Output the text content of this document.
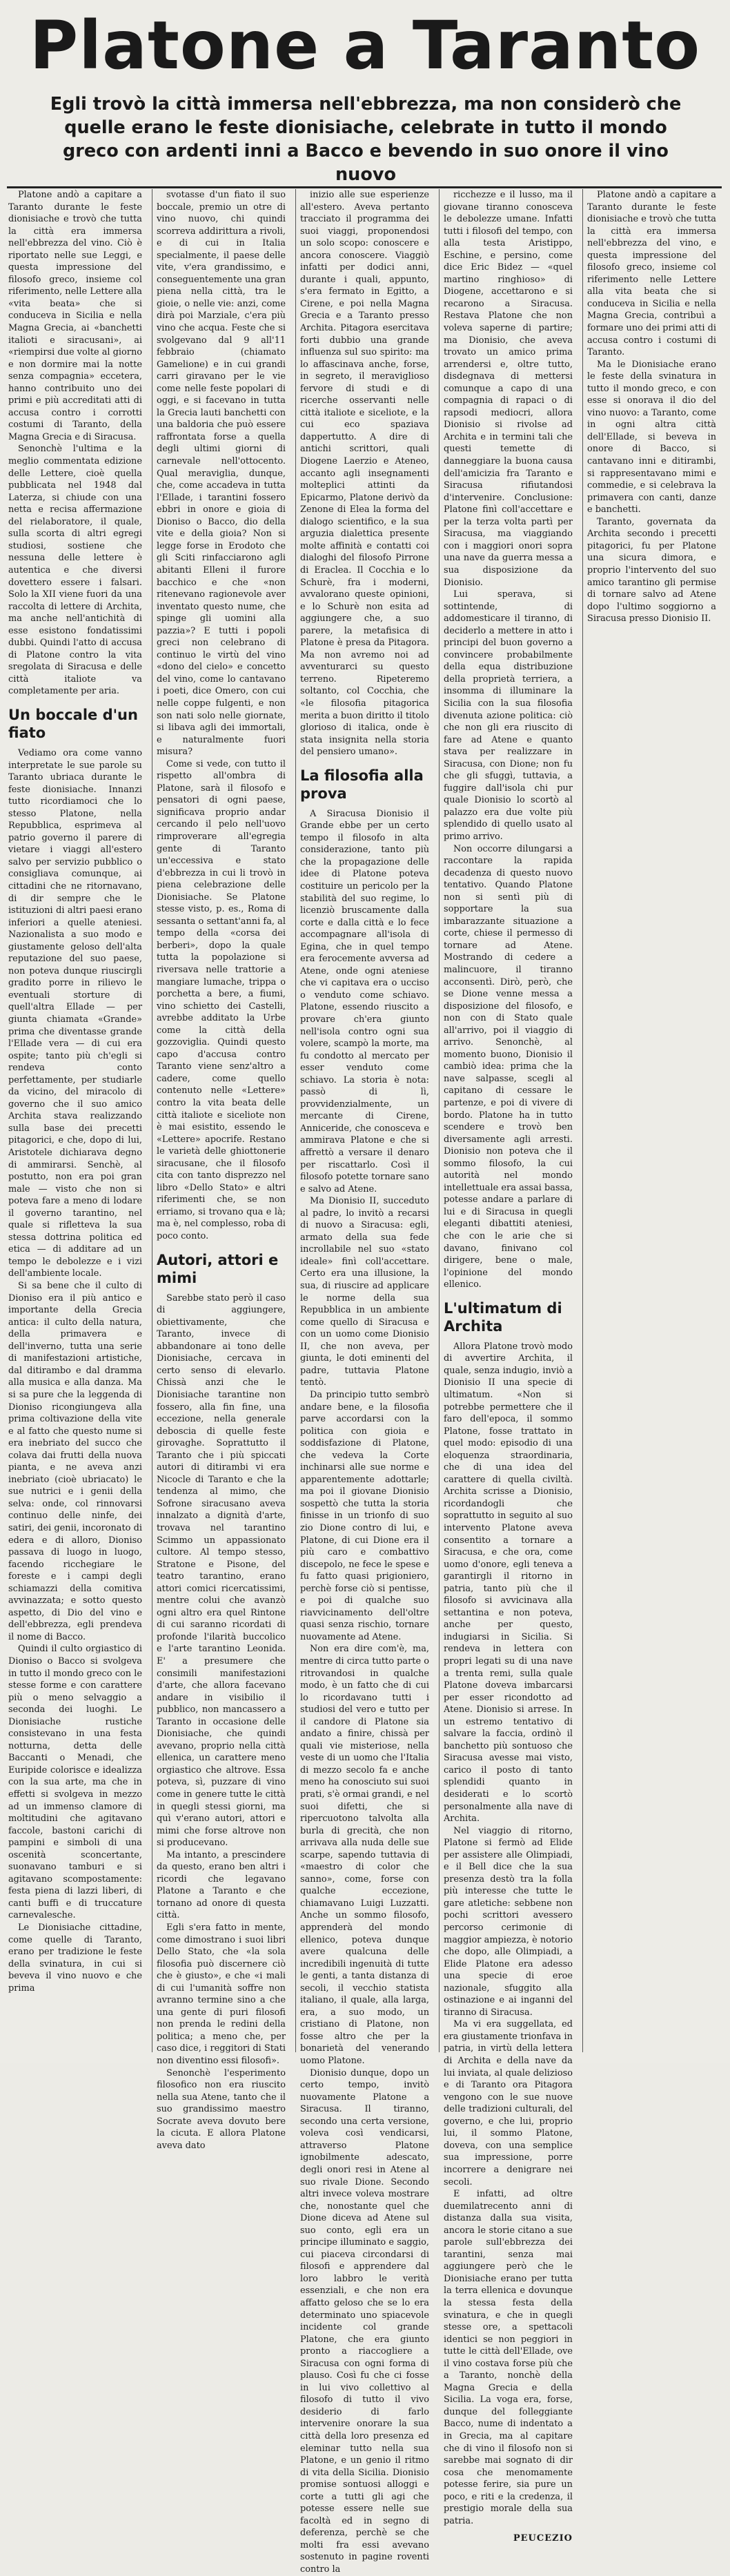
Platone a Taranto
Egli trovò la città immersa nell'ebbrezza, ma non considerò che quelle erano le feste dionisiache, celebrate in tutto il mondo greco con ardenti inni a Bacco e bevendo in suo onore il vino nuovo

Platone andò a capitare a Taranto durante le feste dionisiache e trovò che tutta la città era immersa nell'ebbrezza del vino. Ciò è riportato nelle sue Leggi, e questa impressione del filosofo greco, insieme col riferimento, nelle Lettere alla «vita beata» che si conduceva in Sicilia e nella Magna Grecia, ai «banchetti italioti e siracusani», ai «riempirsi due volte al giorno e non dormire mai la notte senza compagnia» eccetera, hanno contribuito uno dei primi e più accreditati atti di accusa contro i corrotti costumi di Taranto, della Magna Grecia e di Siracusa.

Senonchè l'ultima e la meglio commentata edizione delle Lettere, cioè quella pubblicata nel 1948 dal Laterza, si chiude con una netta e recisa affermazione del rielaboratore, il quale, sulla scorta di altri egregi studiosi, sostiene che nessuna delle lettere è autentica e che diversi dovettero essere i falsari. Solo la XII viene fuori da una raccolta di lettere di Archita, ma anche nell'antichità di esse esistono fondatissimi dubbi. Quindi l'atto di accusa di Platone contro la vita sregolata di Siracusa e delle città italiote va completamente per aria.

Un boccale d'un fiato

Vediamo ora come vanno interpretate le sue parole su Taranto ubriaca durante le feste dionisiache. Innanzi tutto ricordiamoci che lo stesso Platone, nella Repubblica, esprimeva al patrio governo il parere di vietare i viaggi all'estero salvo per servizio pubblico o consigliava comunque, ai cittadini che ne ritornavano, di dir sempre che le istituzioni di altri paesi erano inferiori a quelle ateniesi. Nazionalista a suo modo e giustamente geloso dell'alta reputazione del suo paese, non poteva dunque riuscirgli gradito porre in rilievo le eventuali storture di quell'altra Ellade — per giunta chiamata «Grande» prima che diventasse grande l'Ellade vera — di cui era ospite; tanto più ch'egli si rendeva conto perfettamente, per studiarle da vicino, del miracolo di governo che il suo amico Archita stava realizzando sulla base dei precetti pitagorici, e che, dopo di lui, Aristotele dichiarava degno di ammirarsi. Senchè, al postutto, non era poi gran male — visto che non si poteva fare a meno di lodare il governo tarantino, nel quale si rifletteva la sua stessa dottrina politica ed etica — di additare ad un tempo le debolezze e i vizi dell'ambiente locale.

Si sa bene che il culto di Dioniso era il più antico e importante della Grecia antica: il culto della natura, della primavera e dell'inverno, tutta una serie di manifestazioni artistiche, dal ditirambo e dal dramma alla musica e alla danza. Ma si sa pure che la leggenda di Dioniso ricongiungeva alla prima coltivazione della vite e al fatto che questo nume si era inebriato del succo che colava dai frutti della nuova pianta, e ne aveva anzi inebriato (cioè ubriacato) le sue nutrici e i genii della selva: onde, col rinnovarsi continuo delle ninfe, dei satiri, dei genii, incoronato di edera e di alloro, Dioniso passava di luogo in luogo, facendo ricchegiare le foreste e i campi degli schiamazzi della comitiva avvinazzata; e sotto questo aspetto, di Dio del vino e dell'ebbrezza, egli prendeva il nome di Bacco.

Quindi il culto orgiastico di Dioniso o Bacco si svolgeva in tutto il mondo greco con le stesse forme e con carattere più o meno selvaggio a seconda dei luoghi. Le Dionisiache rustiche consistevano in una festa notturna, detta delle Baccanti o Menadi, che Euripide colorisce e idealizza con la sua arte, ma che in effetti si svolgeva in mezzo ad un immenso clamore di moltitudini che agitavano faccole, bastoni carichi di pampini e simboli di una oscenità sconcertante, suonavano tamburi e si agitavano scompostamente: festa piena di lazzi liberi, di canti buffi e di truccature carnevalesche.

Le Dionisiache cittadine, come quelle di Taranto, erano per tradizione le feste della svinatura, in cui si beveva il vino nuovo e che prima

svotasse d'un fiato il suo boccale, premio un otre di vino nuovo, chi quindi scorreva addirittura a rivoli, e di cui in Italia specialmente, il paese delle vite, v'era grandissimo, e conseguentemente una gran piena nella città, tra le gioie, o nelle vie: anzi, come dirà poi Marziale, c'era più vino che acqua. Feste che si svolgevano dal 9 all'11 febbraio (chiamato Gamelione) e in cui grandi carri giravano per le vie come nelle feste popolari di oggi, e si facevano in tutta la Grecia lauti banchetti con una baldoria che può essere raffrontata forse a quella degli ultimi giorni di carnevale nell'ottocento. Qual meraviglia, dunque, che, come accadeva in tutta l'Ellade, i tarantini fossero ebbri in onore e gioia di Dioniso o Bacco, dio della vite e della gioia? Non si legge forse in Erodoto che gli Sciti rinfacciarono agli abitanti Elleni il furore bacchico e che «non ritenevano ragionevole aver inventato questo nume, che spinge gli uomini alla pazzia»? E tutti i popoli greci non celebrano di continuo le virtù del vino «dono del cielo» e concetto del vino, come lo cantavano i poeti, dice Omero, con cui nelle coppe fulgenti, e non son nati solo nelle giornate, si libava agli dei immortali, e naturalmente fuori misura?

Come si vede, con tutto il rispetto all'ombra di Platone, sarà il filosofo e pensatori di ogni paese, significava proprio andar cercando il pelo nell'uovo rimproverare all'egregia gente di Taranto un'eccessiva e stato d'ebbrezza in cui li trovò in piena celebrazione delle Dionisiache. Se Platone stesse visto, p. es., Roma di sessanta o settant'anni fa, al tempo della «corsa dei berberi», dopo la quale tutta la popolazione si riversava nelle trattorie a mangiare lumache, trippa o porchetta a bere, a fiumi, vino schietto dei Castelli, avrebbe additato la Urbe come la città della gozzoviglia. Quindi questo capo d'accusa contro Taranto viene senz'altro a cadere, come quello contenuto nelle «Lettere» contro la vita beata delle città italiote e siceliote non è mai esistito, essendo le «Lettere» apocrife. Restano le varietà delle ghiottonerie siracusane, che il filosofo cita con tanto disprezzo nel libro «Dello Stato» e altri riferimenti che, se non erriamo, si trovano qua e là; ma è, nel complesso, roba di poco conto.

Autori, attori e mimi

Sarebbe stato però il caso di aggiungere, obiettivamente, che Taranto, invece di abbandonare ai tono delle Dionisiache, cercava in certo senso di elevarlo. Chissà anzi che le Dionisiache tarantine non fossero, alla fin fine, una eccezione, nella generale deboscia di quelle feste girovaghe. Soprattutto il Taranto che i più spiccati autori di ditirambi vi era Nicocle di Taranto e che la tendenza al mimo, che Sofrone siracusano aveva innalzato a dignità d'arte, trovava nel tarantino Scimmo un appassionato cultore. Al tempo stesso, Stratone e Pisone, del teatro tarantino, erano attori comici ricercatissimi, mentre colui che avanzò ogni altro era quel Rintone di cui saranno ricordati di profonde l'ilarità buccolico e l'arte tarantino Leonida. E' a presumere che consimili manifestazioni d'arte, che allora facevano andare in visibilio il pubblico, non mancassero a Taranto in occasione delle Dionisiache, che quindi avevano, proprio nella città ellenica, un carattere meno orgiastico che altrove. Essa poteva, sì, puzzare di vino come in genere tutte le città in quegli stessi giorni, ma quì v'erano autori, attori e mimi che forse altrove non si producevano.

Ma intanto, a prescindere da questo, erano ben altri i ricordi che legavano Platone a Taranto e che tornano ad onore di questa città.

Egli s'era fatto in mente, come dimostrano i suoi libri Dello Stato, che «la sola filosofia può discernere ciò che è giusto», e che «i mali di cui l'umanità soffre non avranno termine sino a che una gente di puri filosofi non prenda le redini della politica; a meno che, per caso dice, i reggitori di Stati non diventino essi filosofi».

Senonchè l'esperimento filosofico non era riuscito nella sua Atene, tanto che il suo grandissimo maestro Socrate aveva dovuto bere la cicuta. E allora Platone aveva dato

inizio alle sue esperienze all'estero. Aveva pertanto tracciato il programma dei suoi viaggi, proponendosi un solo scopo: conoscere e ancora conoscere. Viaggiò infatti per dodici anni, durante i quali, appunto, s'era fermato in Egitto, a Cirene, e poi nella Magna Grecia e a Taranto presso Archita. Pitagora esercitava forti dubbio una grande influenza sul suo spirito: ma lo affascinava anche, forse, in segreto, il meraviglioso fervore di studi e di ricerche osservanti nelle città italiote e siceliote, e la cui eco spaziava dappertutto. A dire di antichi scrittori, quali Diogene Laerzio e Ateneo, accanto agli insegnamenti molteplici attinti da Epicarmo, Platone derivò da Zenone di Elea la forma del dialogo scientifico, e la sua arguzia dialettica presente molte affinità e contatti coi dialoghi del filosofo Pirrone di Eraclea. Il Cocchia e lo Schurè, fra i moderni, avvalorano queste opinioni, e lo Schurè non esita ad aggiungere che, a suo parere, la metafisica di Platone è presa da Pitagora. Ma non avremo noi ad avventurarci su questo terreno. Ripeteremo soltanto, col Cocchia, che «le filosofia pitagorica merita a buon diritto il titolo glorioso di italica, onde è stata insignita nella storia del pensiero umano».

La filosofia alla prova

A Siracusa Dionisio il Grande ebbe per un certo tempo il filosofo in alta considerazione, tanto più che la propagazione delle idee di Platone poteva costituire un pericolo per la stabilità del suo regime, lo licenziò bruscamente dalla corte e dalla città e lo fece accompagnare all'isola di Egina, che in quel tempo era ferocemente avversa ad Atene, onde ogni ateniese che vi capitava era o ucciso o venduto come schiavo. Platone, essendo riuscito a provare ch'era giunto nell'isola contro ogni sua volere, scampò la morte, ma fu condotto al mercato per esser venduto come schiavo. La storia è nota: passò di lì, provvidenzialmente, un mercante di Cirene, Anniceride, che conosceva e ammirava Platone e che si affrettò a versare il denaro per riscattarlo. Così il filosofo potette tornare sano e salvo ad Atene.

Ma Dionisio II, succeduto al padre, lo invitò a recarsi di nuovo a Siracusa: egli, armato della sua fede incrollabile nel suo «stato ideale» finì coll'accettare. Certo era una illusione, la sua, di riuscire ad applicare le norme della sua Repubblica in un ambiente come quello di Siracusa e con un uomo come Dionisio II, che non aveva, per giunta, le doti eminenti del padre, tuttavia Platone tentò.

Da principio tutto sembrò andare bene, e la filosofia parve accordarsi con la politica con gioia e soddisfazione di Platone, che vedeva la Corte inchinarsi alle sue norme e apparentemente adottarle; ma poi il giovane Dionisio sospettò che tutta la storia finisse in un trionfo di suo zio Dione contro di lui, e Platone, di cui Dione era il più caro e combattivo discepolo, ne fece le spese e fu fatto quasi prigioniero, perchè forse ciò si pentisse, e poi di qualche suo riavvicinamento dell'oltre quasi senza rischio, tornare nuovamente ad Atene.

Non era dire com'è, ma, mentre di circa tutto parte o ritrovandosi in qualche modo, è un fatto che di cui lo ricordavano tutti i studiosi del vero e tutto per il candore di Platone sia andato a finire, chissà per quali vie misteriose, nella veste di un uomo che l'Italia di mezzo secolo fa e anche meno ha conosciuto sui suoi prati, s'è ormai grandi, e nel suoi difetti, che si ripercuotono talvolta alla burla di grecità, che non arrivava alla nuda delle sue scarpe, sapendo tuttavia di «maestro di color che sanno», come, forse con qualche eccezione, chiamavano Luigi Luzzatti. Anche un sommo filosofo, apprenderà del mondo ellenico, poteva dunque avere qualcuna delle incredibili ingenuità di tutte le genti, a tanta distanza di secoli, il vecchio statista italiano, il quale, alla larga, era, a suo modo, un cristiano di Platone, non fosse altro che per la bonarietà del venerando uomo Platone.

Dionisio dunque, dopo un certo tempo, invitò nuovamente Platone a Siracusa. Il tiranno, secondo una certa versione, voleva così vendicarsi, attraverso Platone ignobilmente adescato, degli onori resi in Atene al suo rivale Dione. Secondo altri invece voleva mostrare che, nonostante quel che Dione diceva ad Atene sul suo conto, egli era un principe illuminato e saggio, cui piaceva circondarsi di filosofi e apprendere dal loro labbro le verità essenziali, e che non era affatto geloso che se lo era determinato uno spiacevole incidente col grande Platone, che era giunto pronto a riaccogliere a Siracusa con ogni forma di plauso. Così fu che ci fosse in lui vivo collettivo al filosofo di tutto il vivo desiderio di farlo intervenire onorare la sua città della loro presenza ed eleminar tutto nella sua Platone, e un genio il ritmo di vita della Sicilia. Dionisio promise sontuosi alloggi e corte a tutti gli agi che potesse essere nelle sue facoltà ed in segno di deferenza, perchè se che molti fra essi avevano sostenuto in pagine roventi contro la

ricchezze e il lusso, ma il giovane tiranno conosceva le debolezze umane. Infatti tutti i filosofi del tempo, con alla testa Aristippo, Eschine, e persino, come dice Eric Bidez — «quel martino ringhioso» di Diogene, accettarono e si recarono a Siracusa. Restava Platone che non voleva saperne di partire; ma Dionisio, che aveva trovato un amico prima arrendersi e, oltre tutto, disdegnava di mettersi comunque a capo di una compagnia di rapaci o di rapsodi mediocri, allora Dionisio si rivolse ad Archita e in termini tali che questi temette di danneggiare la buona causa dell'amicizia fra Taranto e Siracusa rifiutandosi d'intervenire. Conclusione: Platone finì coll'accettare e per la terza volta partì per Siracusa, ma viaggiando con i maggiori onori sopra una nave da guerra messa a sua disposizione da Dionisio.

Lui sperava, si sottintende, di addomesticare il tiranno, di deciderlo a mettere in atto i principi del buon governo a convincere probabilmente della equa distribuzione della proprietà terriera, a insomma di illuminare la Sicilia con la sua filosofia divenuta azione politica: ciò che non gli era riuscito di fare ad Atene e quanto stava per realizzare in Siracusa, con Dione; non fu che gli sfuggì, tuttavia, a fuggire dall'isola chi pur quale Dionisio lo scortò al palazzo era due volte più splendido di quello usato al primo arrivo.

Non occorre dilungarsi a raccontare la rapida decadenza di questo nuovo tentativo. Quando Platone non si sentì più di sopportare la sua imbarazzante situazione a corte, chiese il permesso di tornare ad Atene. Mostrando di cedere a malincuore, il tiranno acconsentì. Dirò, però, che se Dione venne messa a disposizione del filosofo, e non con di Stato quale all'arrivo, poi il viaggio di arrivo. Senonchè, al momento buono, Dionisio il cambiò idea: prima che la nave salpasse, scegli al capitano di cessare le partenze, e poi di vivere di bordo. Platone ha in tutto scendere e trovò ben diversamente agli arresti. Dionisio non poteva che il sommo filosofo, la cui autorità nel mondo intellettuale era assai bassa, potesse andare a parlare di lui e di Siracusa in quegli eleganti dibattiti ateniesi, che con le arie che si davano, finivano col dirigere, bene o male, l'opinione del mondo ellenico.

L'ultimatum di Archita

Allora Platone trovò modo di avvertire Archita, il quale, senza indugio, inviò a Dionisio II una specie di ultimatum. «Non si potrebbe permettere che il faro dell'epoca, il sommo Platone, fosse trattato in quel modo: episodio di una eloquenza straordinaria, che di una idea del carattere di quella civiltà. Archita scrisse a Dionisio, ricordandogli che soprattutto in seguito al suo intervento Platone aveva consentito a tornare a Siracusa, e che ora, come uomo d'onore, egli teneva a garantirgli il ritorno in patria, tanto più che il filosofo si avvicinava alla settantina e non poteva, anche per questo, indugiarsi in Sicilia. Si rendeva in lettera con propri legati su di una nave a trenta remi, sulla quale Platone doveva imbarcarsi per esser ricondotto ad Atene. Dionisio si arrese. In un estremo tentativo di salvare la faccia, ordinò il banchetto più sontuoso che Siracusa avesse mai visto, carico il posto di tanto splendidi quanto in desiderati e lo scortò personalmente alla nave di Archita.

Nel viaggio di ritorno, Platone si fermò ad Elide per assistere alle Olimpiadi, e il Bell dice che la sua presenza destò tra la folla più interesse che tutte le gare atletiche: sebbene non pochi scrittori avessero percorso cerimonie di maggior ampiezza, è notorio che dopo, alle Olimpiadi, a Elide Platone era adesso una specie di eroe nazionale, sfuggito alla ostinazione e ai inganni del tiranno di Siracusa.

Ma vi era suggellata, ed era giustamente trionfava in patria, in virtù della lettera di Archita e della nave da lui inviata, al quale delizioso e di Taranto ora Pitagora vengono con le sue nuove delle tradizioni culturali, del governo, e che lui, proprio lui, il sommo Platone, doveva, con una semplice sua impressione, porre incorrere a denigrare nei secoli.

E infatti, ad oltre duemilatrecento anni di distanza dalla sua visita, ancora le storie citano a sue parole sull'ebbrezza dei tarantini, senza mai aggiungere però che le Dionisiache erano per tutta la terra ellenica e dovunque la stessa festa della svinatura, e che in quegli stesse ore, a spettacoli identici se non peggiori in tutte le città dell'Ellade, ove il vino costava forse più che a Taranto, nonchè della Magna Grecia e della Sicilia. La voga era, forse, dunque del folleggiante Bacco, nume di indentato a in Grecia, ma al capitare che di vino il filosofo non si sarebbe mai sognato di dir cosa che menomamente potesse ferire, sia pure un poco, e riti e la credenza, il prestigio morale della sua patria.

PEUCEZIO

Platone andò a capitare a Taranto durante le feste dionisiache e trovò che tutta la città era immersa nell'ebbrezza del vino, e questa impressione del filosofo greco, insieme col riferimento nelle Lettere alla vita beata che si conduceva in Sicilia e nella Magna Grecia, contribuì a formare uno dei primi atti di accusa contro i costumi di Taranto.

Ma le Dionisiache erano le feste della svinatura in tutto il mondo greco, e con esse si onorava il dio del vino nuovo: a Taranto, come in ogni altra città dell'Ellade, si beveva in onore di Bacco, si cantavano inni e ditirambi, si rappresentavano mimi e commedie, e si celebrava la primavera con canti, danze e banchetti.

Taranto, governata da Archita secondo i precetti pitagorici, fu per Platone una sicura dimora, e proprio l'intervento del suo amico tarantino gli permise di tornare salvo ad Atene dopo l'ultimo soggiorno a Siracusa presso Dionisio II.
